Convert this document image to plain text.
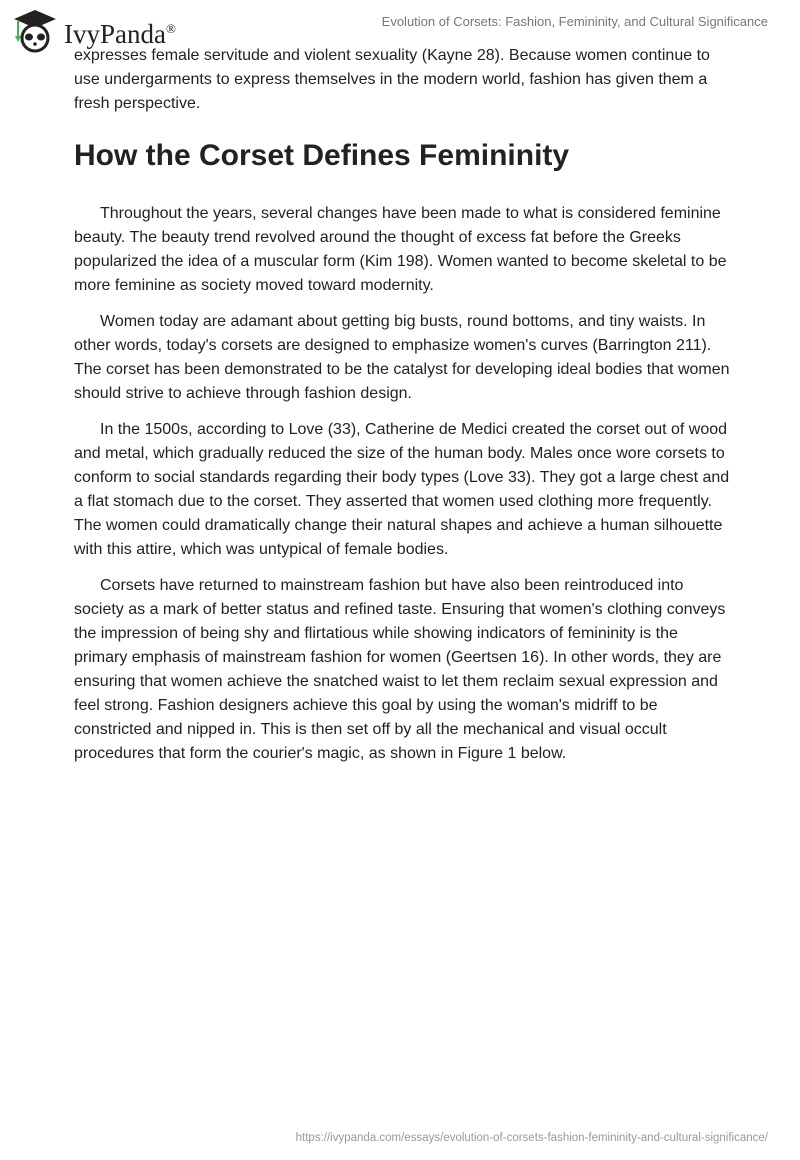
IvyPanda®	Evolution of Corsets: Fashion, Femininity, and Cultural Significance

expresses female servitude and violent sexuality (Kayne 28). Because women continue to use undergarments to express themselves in the modern world, fashion has given them a fresh perspective.

How the Corset Defines Femininity

Throughout the years, several changes have been made to what is considered feminine beauty. The beauty trend revolved around the thought of excess fat before the Greeks popularized the idea of a muscular form (Kim 198). Women wanted to become skeletal to be more feminine as society moved toward modernity.

Women today are adamant about getting big busts, round bottoms, and tiny waists. In other words, today's corsets are designed to emphasize women's curves (Barrington 211). The corset has been demonstrated to be the catalyst for developing ideal bodies that women should strive to achieve through fashion design.

In the 1500s, according to Love (33), Catherine de Medici created the corset out of wood and metal, which gradually reduced the size of the human body. Males once wore corsets to conform to social standards regarding their body types (Love 33). They got a large chest and a flat stomach due to the corset. They asserted that women used clothing more frequently. The women could dramatically change their natural shapes and achieve a human silhouette with this attire, which was untypical of female bodies.

Corsets have returned to mainstream fashion but have also been reintroduced into society as a mark of better status and refined taste. Ensuring that women's clothing conveys the impression of being shy and flirtatious while showing indicators of femininity is the primary emphasis of mainstream fashion for women (Geertsen 16). In other words, they are ensuring that women achieve the snatched waist to let them reclaim sexual expression and feel strong. Fashion designers achieve this goal by using the woman's midriff to be constricted and nipped in. This is then set off by all the mechanical and visual occult procedures that form the courier's magic, as shown in Figure 1 below.

https://ivypanda.com/essays/evolution-of-corsets-fashion-femininity-and-cultural-significance/
